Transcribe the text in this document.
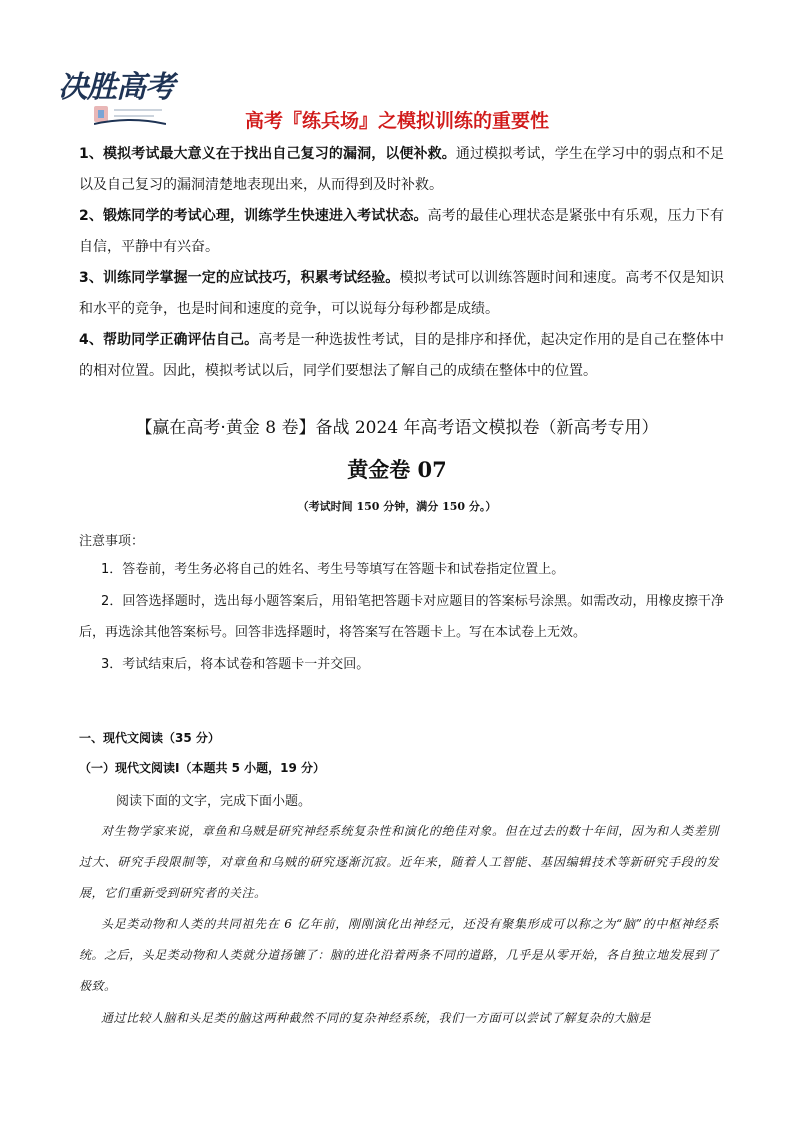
决胜高考
高考『练兵场』之模拟训练的重要性
1、模拟考试最大意义在于找出自己复习的漏洞，以便补救。通过模拟考试，学生在学习中的弱点和不足以及自己复习的漏洞清楚地表现出来，从而得到及时补救。
2、锻炼同学的考试心理，训练学生快速进入考试状态。高考的最佳心理状态是紧张中有乐观，压力下有自信，平静中有兴奋。
3、训练同学掌握一定的应试技巧，积累考试经验。模拟考试可以训练答题时间和速度。高考不仅是知识和水平的竞争，也是时间和速度的竞争，可以说每分每秒都是成绩。
4、帮助同学正确评估自己。高考是一种选拔性考试，目的是排序和择优，起决定作用的是自己在整体中的相对位置。因此，模拟考试以后，同学们要想法了解自己的成绩在整体中的位置。
【赢在高考·黄金 8 卷】备战 2024 年高考语文模拟卷（新高考专用）
黄金卷 07
（考试时间 150 分钟，满分 150 分。）
注意事项：
1．答卷前，考生务必将自己的姓名、考生号等填写在答题卡和试卷指定位置上。
2．回答选择题时，选出每小题答案后，用铅笔把答题卡对应题目的答案标号涂黑。如需改动，用橡皮擦干净后，再选涂其他答案标号。回答非选择题时，将答案写在答题卡上。写在本试卷上无效。
3．考试结束后，将本试卷和答题卡一并交回。
一、现代文阅读（35 分）
（一）现代文阅读Ⅰ（本题共 5 小题，19 分）
阅读下面的文字，完成下面小题。
对生物学家来说，章鱼和乌贼是研究神经系统复杂性和演化的绝佳对象。但在过去的数十年间，因为和人类差别过大、研究手段限制等，对章鱼和乌贼的研究逐渐沉寂。近年来，随着人工智能、基因编辑技术等新研究手段的发展，它们重新受到研究者的关注。
头足类动物和人类的共同祖先在 6 亿年前，刚刚演化出神经元，还没有聚集形成可以称之为“脑”的中枢神经系统。之后，头足类动物和人类就分道扬镳了：脑的进化沿着两条不同的道路，几乎是从零开始，各自独立地发展到了极致。
通过比较人脑和头足类的脑这两种截然不同的复杂神经系统，我们一方面可以尝试了解复杂的大脑是
